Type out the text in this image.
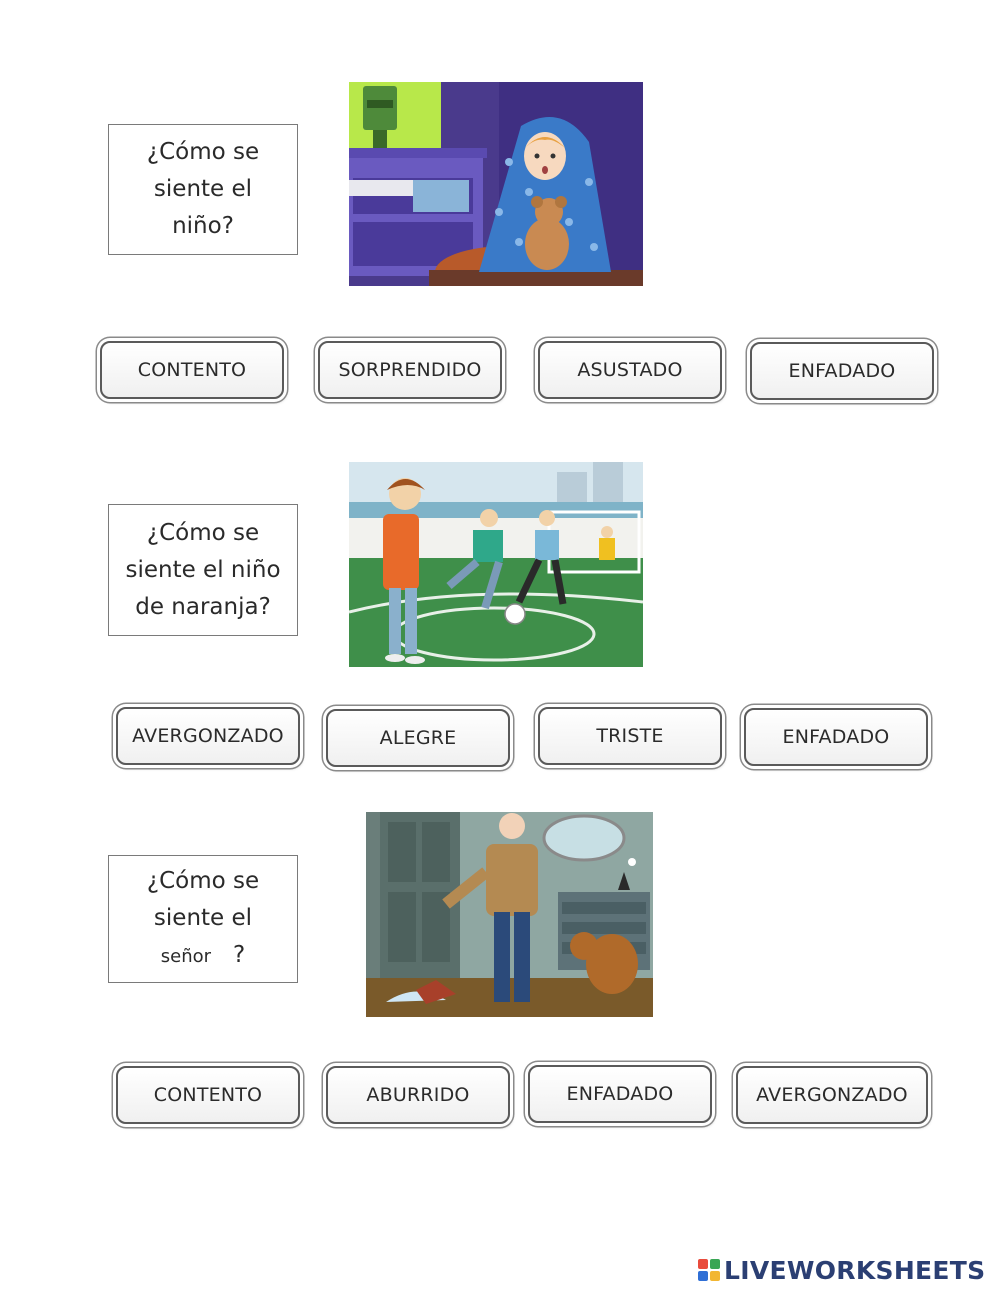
¿Cómo se
siente el
niño?
CONTENTO	SORPRENDIDO	ASUSTADO	ENFADADO
¿Cómo se
siente el niño
de naranja?
AVERGONZADO	ALEGRE	TRISTE	ENFADADO
¿Cómo se
siente el
señor ?
CONTENTO	ABURRIDO	ENFADADO	AVERGONZADO
LIVEWORKSHEETS
